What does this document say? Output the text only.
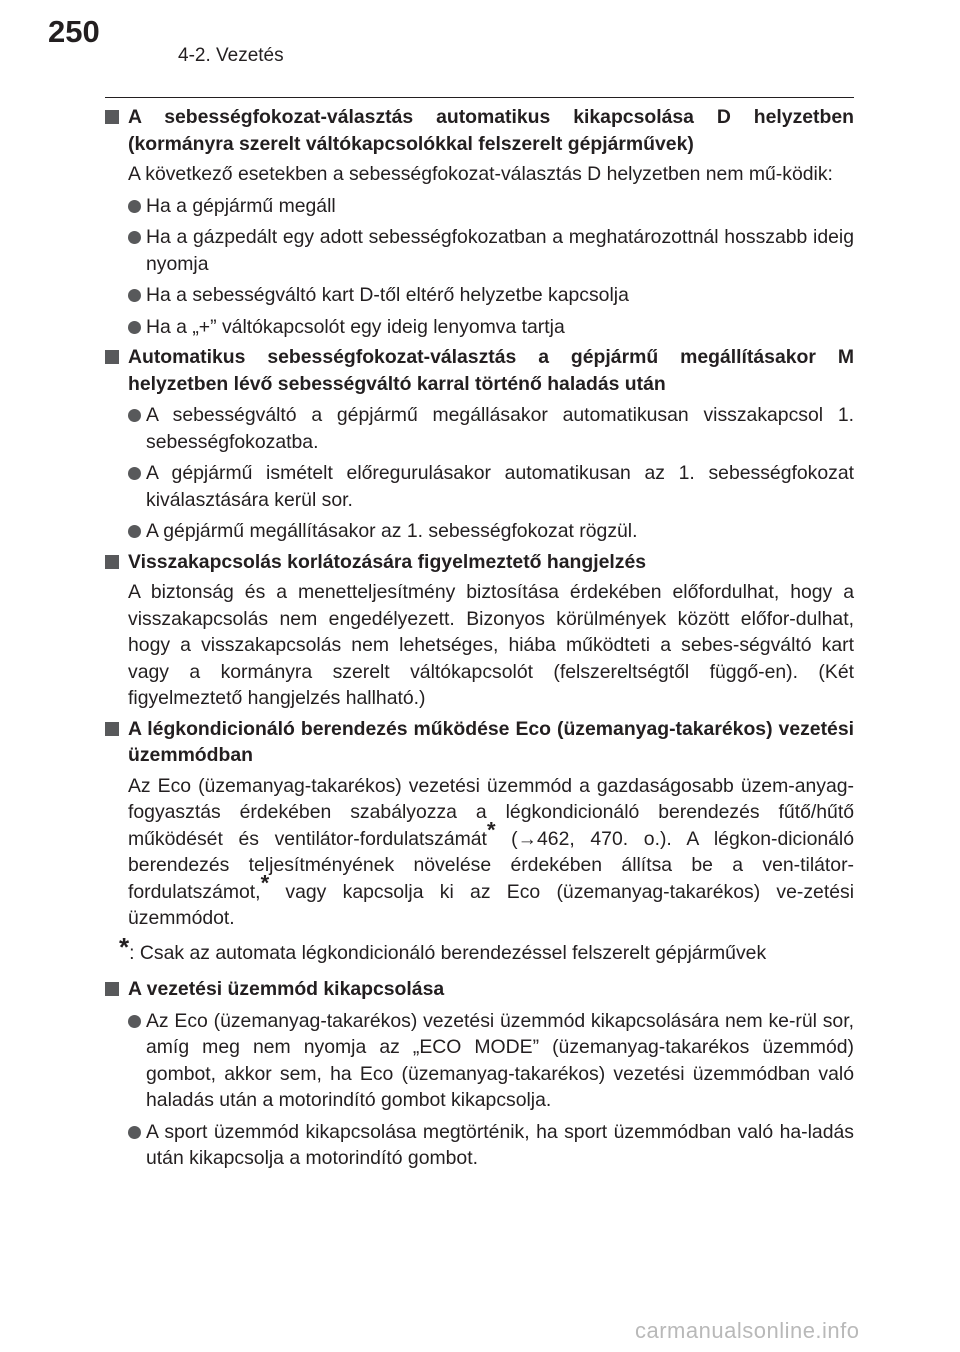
250
4-2. Vezetés

A sebességfokozat-választás automatikus kikapcsolása D helyzetben (kormányra szerelt váltókapcsolókkal felszerelt gépjárművek)

A következő esetekben a sebességfokozat-választás D helyzetben nem mű-ködik:

Ha a gépjármű megáll

Ha a gázpedált egy adott sebességfokozatban a meghatározottnál hosszabb ideig nyomja

Ha a sebességváltó kart D-től eltérő helyzetbe kapcsolja

Ha a „+” váltókapcsolót egy ideig lenyomva tartja

Automatikus sebességfokozat-választás a gépjármű megállításakor M helyzetben lévő sebességváltó karral történő haladás után

A sebességváltó a gépjármű megállásakor automatikusan visszakapcsol 1. sebességfokozatba.

A gépjármű ismételt előregurulásakor automatikusan az 1. sebességfokozat kiválasztására kerül sor.

A gépjármű megállításakor az 1. sebességfokozat rögzül.

Visszakapcsolás korlátozására figyelmeztető hangjelzés

A biztonság és a menetteljesítmény biztosítása érdekében előfordulhat, hogy a visszakapcsolás nem engedélyezett. Bizonyos körülmények között előfor-dulhat, hogy a visszakapcsolás nem lehetséges, hiába működteti a sebes-ségváltó kart vagy a kormányra szerelt váltókapcsolót (felszereltségtől függő-en). (Két figyelmeztető hangjelzés hallható.)

A légkondicionáló berendezés működése Eco (üzemanyag-takarékos) vezetési üzemmódban

Az Eco (üzemanyag-takarékos) vezetési üzemmód a gazdaságosabb üzem-anyag-fogyasztás érdekében szabályozza a légkondicionáló berendezés fűtő/hűtő működését és ventilátor-fordulatszámát* (→462, 470. o.). A légkon-dicionáló berendezés teljesítményének növelése érdekében állítsa be a ven-tilátor-fordulatszámot,* vagy kapcsolja ki az Eco (üzemanyag-takarékos) ve-zetési üzemmódot.

*: Csak az automata légkondicionáló berendezéssel felszerelt gépjárművek

A vezetési üzemmód kikapcsolása

Az Eco (üzemanyag-takarékos) vezetési üzemmód kikapcsolására nem ke-rül sor, amíg meg nem nyomja az „ECO MODE” (üzemanyag-takarékos üzemmód) gombot, akkor sem, ha Eco (üzemanyag-takarékos) vezetési üzemmódban való haladás után a motorindító gombot kikapcsolja.

A sport üzemmód kikapcsolása megtörténik, ha sport üzemmódban való ha-ladás után kikapcsolja a motorindító gombot.

carmanualsonline.info
